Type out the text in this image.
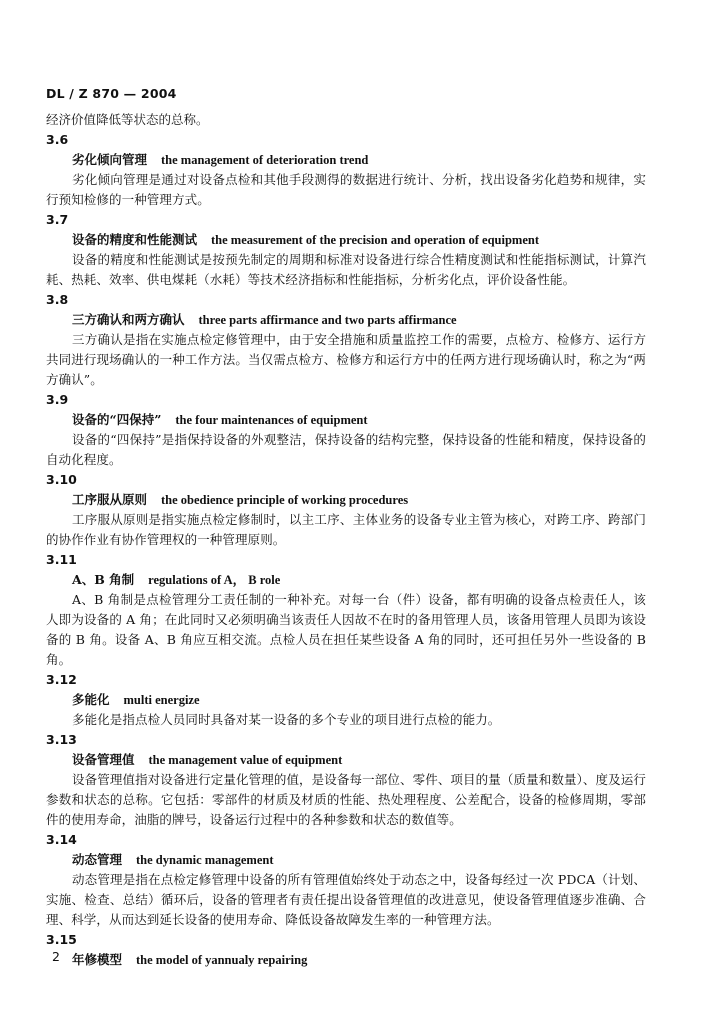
DL / Z 870 — 2004

经济价值降低等状态的总称。

3.6

劣化倾向管理 the management of deterioration trend

劣化倾向管理是通过对设备点检和其他手段测得的数据进行统计、分析，找出设备劣化趋势和规律，实行预知检修的一种管理方式。

3.7

设备的精度和性能测试 the measurement of the precision and operation of equipment

设备的精度和性能测试是按预先制定的周期和标准对设备进行综合性精度测试和性能指标测试，计算汽耗、热耗、效率、供电煤耗（水耗）等技术经济指标和性能指标，分析劣化点，评价设备性能。

3.8

三方确认和两方确认 three parts affirmance and two parts affirmance

三方确认是指在实施点检定修管理中，由于安全措施和质量监控工作的需要，点检方、检修方、运行方共同进行现场确认的一种工作方法。当仅需点检方、检修方和运行方中的任两方进行现场确认时，称之为“两方确认”。

3.9

设备的“四保持” the four maintenances of equipment

设备的“四保持”是指保持设备的外观整洁，保持设备的结构完整，保持设备的性能和精度，保持设备的自动化程度。

3.10

工序服从原则 the obedience principle of working procedures

工序服从原则是指实施点检定修制时，以主工序、主体业务的设备专业主管为核心，对跨工序、跨部门的协作作业有协作管理权的一种管理原则。

3.11

A、B 角制 regulations of A， B role

A、B 角制是点检管理分工责任制的一种补充。对每一台（件）设备，都有明确的设备点检责任人，该人即为设备的 A 角；在此同时又必须明确当该责任人因故不在时的备用管理人员，该备用管理人员即为该设备的 B 角。设备 A、B 角应互相交流。点检人员在担任某些设备 A 角的同时，还可担任另外一些设备的 B 角。

3.12

多能化 multi energize

多能化是指点检人员同时具备对某一设备的多个专业的项目进行点检的能力。

3.13

设备管理值 the management value of equipment

设备管理值指对设备进行定量化管理的值，是设备每一部位、零件、项目的量（质量和数量）、度及运行参数和状态的总称。它包括：零部件的材质及材质的性能、热处理程度、公差配合，设备的检修周期，零部件的使用寿命，油脂的牌号，设备运行过程中的各种参数和状态的数值等。

3.14

动态管理 the dynamic management

动态管理是指在点检定修管理中设备的所有管理值始终处于动态之中，设备每经过一次 PDCA（计划、实施、检查、总结）循环后，设备的管理者有责任提出设备管理值的改进意见，使设备管理值逐步准确、合理、科学，从而达到延长设备的使用寿命、降低设备故障发生率的一种管理方法。

3.15

年修模型 the model of yannualy repairing

2
